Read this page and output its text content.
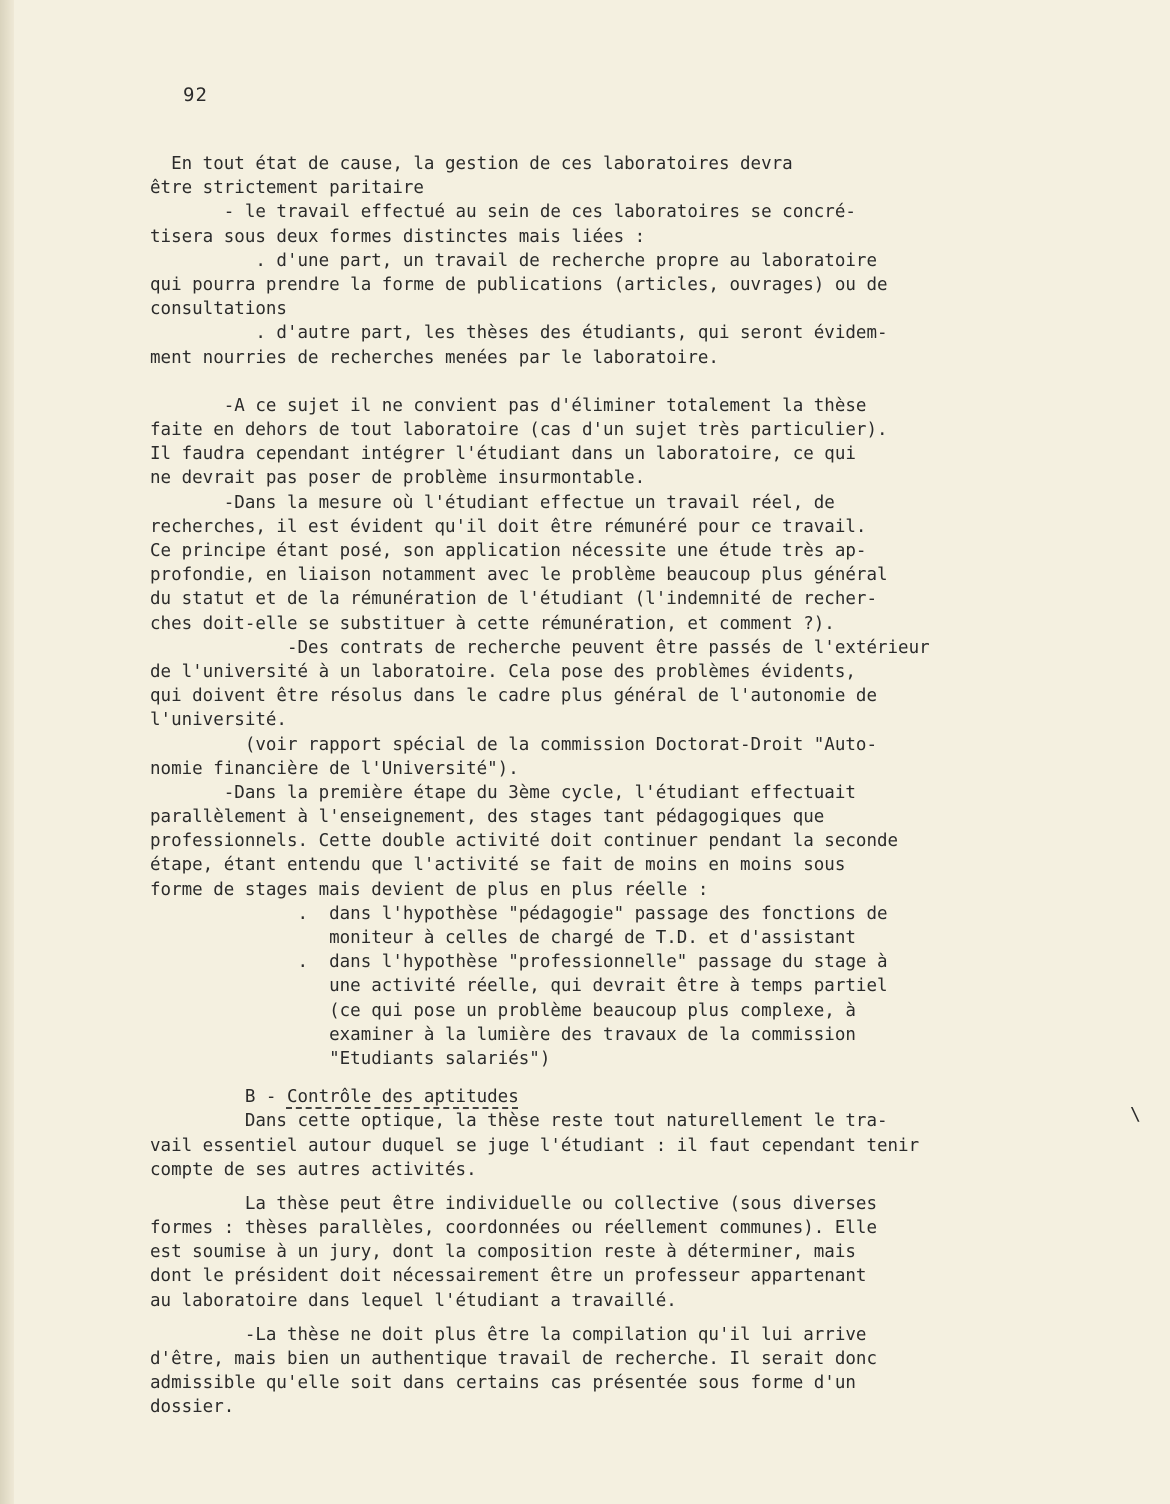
92
\
En tout état de cause, la gestion de ces laboratoires devra
être strictement paritaire
- le travail effectué au sein de ces laboratoires se concré-
tisera sous deux formes distinctes mais liées :
. d'une part, un travail de recherche propre au laboratoire
qui pourra prendre la forme de publications (articles, ouvrages) ou de
consultations
. d'autre part, les thèses des étudiants, qui seront évidem-
ment nourries de recherches menées par le laboratoire.
-A ce sujet il ne convient pas d'éliminer totalement la thèse
faite en dehors de tout laboratoire (cas d'un sujet très particulier).
Il faudra cependant intégrer l'étudiant dans un laboratoire, ce qui
ne devrait pas poser de problème insurmontable.
-Dans la mesure où l'étudiant effectue un travail réel, de
recherches, il est évident qu'il doit être rémunéré pour ce travail.
Ce principe étant posé, son application nécessite une étude très ap-
profondie, en liaison notamment avec le problème beaucoup plus général
du statut et de la rémunération de l'étudiant (l'indemnité de recher-
ches doit-elle se substituer à cette rémunération, et comment ?).
-Des contrats de recherche peuvent être passés de l'extérieur
de l'université à un laboratoire. Cela pose des problèmes évidents,
qui doivent être résolus dans le cadre plus général de l'autonomie de
l'université.
(voir rapport spécial de la commission Doctorat-Droit "Auto-
nomie financière de l'Université").
-Dans la première étape du 3ème cycle, l'étudiant effectuait
parallèlement à l'enseignement, des stages tant pédagogiques que
professionnels. Cette double activité doit continuer pendant la seconde
étape, étant entendu que l'activité se fait de moins en moins sous
forme de stages mais devient de plus en plus réelle :
.  dans l'hypothèse "pédagogie" passage des fonctions de
moniteur à celles de chargé de T.D. et d'assistant
.  dans l'hypothèse "professionnelle" passage du stage à
une activité réelle, qui devrait être à temps partiel
(ce qui pose un problème beaucoup plus complexe, à
examiner à la lumière des travaux de la commission
"Etudiants salariés")
B - Contrôle des aptitudes
Dans cette optique, la thèse reste tout naturellement le tra-
vail essentiel autour duquel se juge l'étudiant : il faut cependant tenir
compte de ses autres activités.
La thèse peut être individuelle ou collective (sous diverses
formes : thèses parallèles, coordonnées ou réellement communes). Elle
est soumise à un jury, dont la composition reste à déterminer, mais
dont le président doit nécessairement être un professeur appartenant
au laboratoire dans lequel l'étudiant a travaillé.
-La thèse ne doit plus être la compilation qu'il lui arrive
d'être, mais bien un authentique travail de recherche. Il serait donc
admissible qu'elle soit dans certains cas présentée sous forme d'un
dossier.
